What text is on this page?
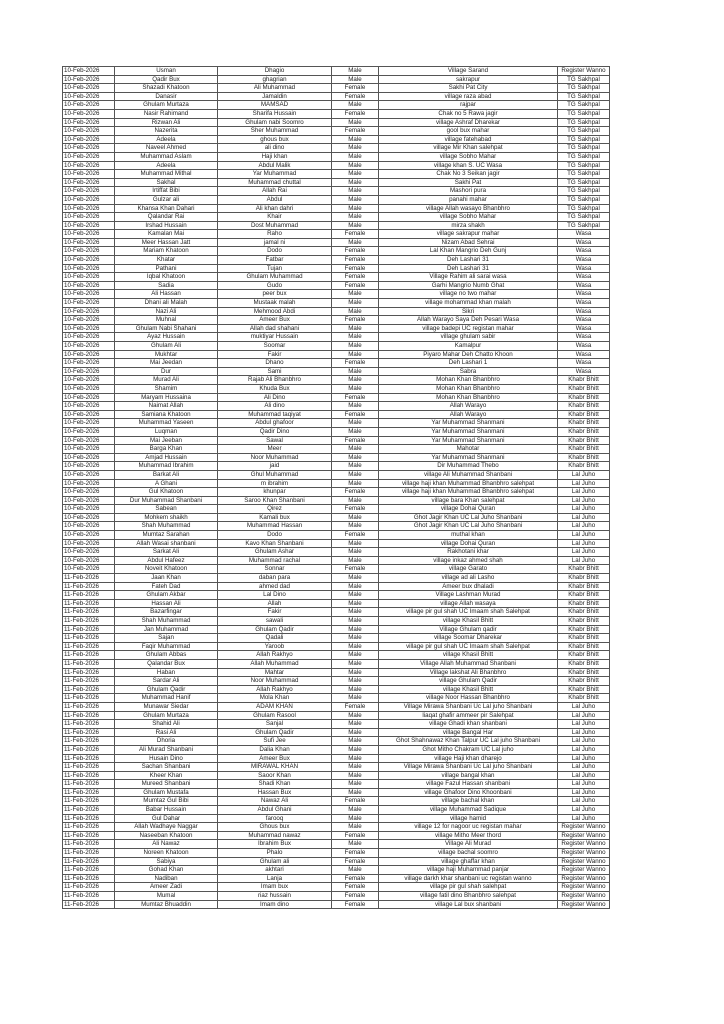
10-Feb-2026	Usman	Dhagio	Male	Village Sarand	Register Wanno
10-Feb-2026	Qadir Bux	ghagrian	Male	sakrapur	TG Sakhpal
10-Feb-2026	Shazadi Khatoon	Ali Muhammad	Female	Sakhi Pat City	TG Sakhpal
10-Feb-2026	Danasir	Jamaldin	Female	village raza abad	TG Sakhpal
10-Feb-2026	Ghulam Murtaza	MAMSAD	Male	rajpar	TG Sakhpal
10-Feb-2026	Nasir Rahimand	Sharifa Hussain	Female	Chak no 5 Rawa jagir	TG Sakhpal
10-Feb-2026	Rizwan Ali	Ghulam nabi Soomro	Male	village Ashraf Dharekar	TG Sakhpal
10-Feb-2026	Nazerita	Sher Muhammad	Female	gool bux mahar	TG Sakhpal
10-Feb-2026	Adeela	ghous bux	Male	village fatehabad	TG Sakhpal
10-Feb-2026	Naveel Ahmed	ali dino	Male	village Mir Khan salehpat	TG Sakhpal
10-Feb-2026	Muhammad Aslam	Haji khan	Male	village Sobho Mahar	TG Sakhpal
10-Feb-2026	Adeela	Abdul Malik	Male	village khan S. UC Wasa	TG Sakhpal
10-Feb-2026	Muhammad Mithal	Yar Muhammad	Male	Chak No 3 Seikan jagir	TG Sakhpal
10-Feb-2026	Sakhal	Muhammad chuttal	Male	Sakhi Pat	TG Sakhpal
10-Feb-2026	Irtiffat Bibi	Allah Rai	Male	Mashori pura	TG Sakhpal
10-Feb-2026	Gulzar ali	Abdul	Male	panahi mahar	TG Sakhpal
10-Feb-2026	Khansa Khan Dahari	Ali khan dahri	Male	village Allah wasayo Bhanbhro	TG Sakhpal
10-Feb-2026	Qalandar Rai	Khair	Male	village Sobho Mahar	TG Sakhpal
10-Feb-2026	Irshad Hussain	Dost Muhammad	Male	mirza shakh	TG Sakhpal
10-Feb-2026	Kamalan Mai	Raho	Female	village sakrapur mahar	Wasa
10-Feb-2026	Meer Hassan Jatt	jamal ni	Male	Nizam Abad Sehrai	Wasa
10-Feb-2026	Mariam Khatoon	Dodo	Female	Lal Khan Mangrio Deh Gunj	Wasa
10-Feb-2026	Khatar	Fatbar	Female	Deh Lashari 31	Wasa
10-Feb-2026	Pathani	Tujan	Female	Deh Lashari 31	Wasa
10-Feb-2026	Iqbal Khatoon	Ghulam Muhammad	Female	Village Rahim ali sarai wasa	Wasa
10-Feb-2026	Sadia	Gudo	Female	Garhi Mangrio Numb Ghat	Wasa
10-Feb-2026	Ali Hassan	peer bux	Male	village no two mahar	Wasa
10-Feb-2026	Dhani ali Malah	Mustaak malah	Male	village mohammad khan malah	Wasa
10-Feb-2026	Nazi Ali	Mehmood Abdi	Male	Sikri	Wasa
10-Feb-2026	Muhnal	Ameer Bux	Female	Allah Warayo Saya Deh Pesari Wasa	Wasa
10-Feb-2026	Ghulam Nabi Shahani	Allah dad shahani	Male	village badepi UC registan mahar	Wasa
10-Feb-2026	Ayaz Hussain	muktiyar Hussain	Male	village ghulam sabir	Wasa
10-Feb-2026	Ghulam Ali	Soomar	Male	Kamalpur	Wasa
10-Feb-2026	Mukhtar	Fakir	Male	Piyaro Mahar Deh Chatto Khoon	Wasa
10-Feb-2026	Mai Jeedan	Dhano	Female	Deh Lashari 1	Wasa
10-Feb-2026	Dur	Sami	Male	Sabra	Wasa
10-Feb-2026	Murad Ali	Rajab Ali Bhanbhro	Male	Mohan Khan Bhanbhro	Khabr Bhitt
10-Feb-2026	Shamim	Khuda Bux	Male	Mohan Khan Bhanbhro	Khabr Bhitt
10-Feb-2026	Maryam Hussaina	Ali Dino	Female	Mohan Khan Bhanbhro	Khabr Bhitt
10-Feb-2026	Naimat Allah	Ali dino	Male	Allah Warayo	Khabr Bhitt
10-Feb-2026	Samiana Khatoon	Muhammad taqiyat	Female	Allah Warayo	Khabr Bhitt
10-Feb-2026	Muhammad Yaseen	Abdul ghafoor	Male	Yar Muhammad Shanmani	Khabr Bhitt
10-Feb-2026	Luqman	Qadir Dino	Male	Yar Muhammad Shanmani	Khabr Bhitt
10-Feb-2026	Mai Jeeban	Sawal	Female	Yar Muhammad Shanmani	Khabr Bhitt
10-Feb-2026	Barga Khan	Meer	Male	Mahotar	Khabr Bhitt
10-Feb-2026	Amjad Hussain	Noor Muhammad	Male	Yar Muhammad Shanmani	Khabr Bhitt
10-Feb-2026	Muhammad Ibrahim	jaid	Male	Dir Muhammad Thebo	Khabr Bhitt
10-Feb-2026	Barkat Ali	Ghul Muhammad	Male	village Ali Muhammad Shanbani	Lal Juho
10-Feb-2026	A Ghani	m ibrahim	Male	village haji khan Muhammad Bhanbhro salehpat	Lal Juho
10-Feb-2026	Gul Khatoon	khunpar	Female	village haji khan Muhammad Bhanbhro salehpat	Lal Juho
10-Feb-2026	Dur Muhammad Shanbani	Saroo Khan Shanbani	Male	village bara Khan salehpat	Lal Juho
10-Feb-2026	Sabean	Qirez	Female	village Dohai Quran	Lal Juho
10-Feb-2026	Mohkem shaikh	Kamali bux	Male	Ghot Jagir Khan UC Lal Juho Shanbani	Lal Juho
10-Feb-2026	Shah Muhammad	Muhammad Hassan	Male	Ghot Jagir Khan UC Lal Juho Shanbani	Lal Juho
10-Feb-2026	Mumtaz Sarahan	Dodo	Female	muthal khan	Lal Juho
10-Feb-2026	Allah Wasai shanbani	Kavo Khan Shanbani	Male	village Dohai Quran	Lal Juho
10-Feb-2026	Sarkat Ali	Ghulam Ashar	Male	Rakhotani khar	Lal Juho
10-Feb-2026	Abdul Hafeez	Muhammad rachal	Male	village inkaz ahmed shah	Lal Juho
10-Feb-2026	Noveit Khatoon	Sonnar	Female	village Garato	Khabr Bhitt
11-Feb-2026	Jaan Khan	daban para	Male	village ad ali Lasho	Khabr Bhitt
11-Feb-2026	Fateh Dad	ahmed dad	Male	Ameer bux dhaladi	Khabr Bhitt
11-Feb-2026	Ghulam Akbar	Lal Dino	Male	Village Lashman Murad	Khabr Bhitt
11-Feb-2026	Hassan Ali	Allah	Male	village Allah wasaya	Khabr Bhitt
11-Feb-2026	Bazarfingar	Fakir	Male	village pir gul shah UC Imaam shah Salehpat	Khabr Bhitt
11-Feb-2026	Shah Muhammad	sawali	Male	village Khasil Bhitt	Khabr Bhitt
11-Feb-2026	Jan Muhammad	Ghulam Qadir	Male	Village Ghulam qadir	Khabr Bhitt
11-Feb-2026	Sajan	Qadali	Male	village Soomar Dharekar	Khabr Bhitt
11-Feb-2026	Faqir Muhammad	Yaroob	Male	village pir gul shah UC Imaam shah Salehpat	Khabr Bhitt
11-Feb-2026	Ghulam Abbas	Allah Rakhyo	Male	village Khasil Bhitt	Khabr Bhitt
11-Feb-2026	Qalandar Bux	Allah Muhammad	Male	Village Allah Muhammad Shanbani	Khabr Bhitt
11-Feb-2026	Haban	Mahtar	Male	Village lakshat Ali Bhanbhro	Khabr Bhitt
11-Feb-2026	Sardar Ali	Noor Muhammad	Male	village Ghulam Qadir	Khabr Bhitt
11-Feb-2026	Ghulam Qadir	Allah Rakhyo	Male	village Khasil Bhitt	Khabr Bhitt
11-Feb-2026	Muhammad Hanif	Mola Khan	Male	village Noor Hassan Bhanbhro	Khabr Bhitt
11-Feb-2026	Munawar Siedar	ADAM KHAN	Female	Village Mirawa Shanbani Uc Lal juho Shanbani	Lal Juho
11-Feb-2026	Ghulam Murtaza	Ghulam Rasool	Male	liaqat ghafir ammeer pir Salehpat	Lal Juho
11-Feb-2026	Shahid Ali	Sanjal	Male	village Ghadi khan shanbani	Lal Juho
11-Feb-2026	Rasi Ali	Ghulam Qadir	Male	village Bangal Har	Lal Juho
11-Feb-2026	Dhoria	Sufi Jee	Male	Ghot Shahnawaz Khan Talpur UC Lal juho Shanbani	Lal Juho
11-Feb-2026	Ali Murad Shanbani	Dalia Khan	Male	Ghot Mitho Chakram UC Lal juho	Lal Juho
11-Feb-2026	Husain Dino	Ameer Bux	Male	village Haji khan dharejo	Lal Juho
11-Feb-2026	Sachan Shanbani	MIRAWAL KHAN	Male	Village Mirawa Shanbani Uc Lal juho Shanbani	Lal Juho
11-Feb-2026	Kheer Khan	Saoor Khan	Male	village bangal khan	Lal Juho
11-Feb-2026	Mureed Shanbani	Shadi Khan	Male	village Fazul Hassan shanbani	Lal Juho
11-Feb-2026	Ghulam Mustafa	Hassan Bux	Male	village Ghafoor Dino Khoonbani	Lal Juho
11-Feb-2026	Mumtaz Gul Bibi	Nawaz Ali	Female	village bachal khan	Lal Juho
11-Feb-2026	Babar Hussain	Abdul Ghani	Male	village Muhammad Sadique	Lal Juho
11-Feb-2026	Gul Dahar	farooq	Male	village hamid	Lal Juho
11-Feb-2026	Allah Wadhaye Naggar	Ghous bux	Male	village 12 for nagoor uc registan mahar	Register Wanno
11-Feb-2026	Naseeban Khatoon	Muhammad nawaz	Female	village Mitho Meer thord	Register Wanno
11-Feb-2026	Ali Nawaz	Ibrahim Bux	Male	Village Ali Murad	Register Wanno
11-Feb-2026	Noreen Khatoon	Phalo	Female	village bachal soomro	Register Wanno
11-Feb-2026	Sabiya	Ghulam ali	Female	village ghaffar khan	Register Wanno
11-Feb-2026	Gohad Khan	akhtari	Male	village haji Muhammad panjar	Register Wanno
11-Feb-2026	Nadiban	Lanja	Female	village darkh khar shanbani uc registan wanno	Register Wanno
11-Feb-2026	Ameer Zadi	Imam bux	Female	village pir gul shah salehpat	Register Wanno
11-Feb-2026	Mumal	riaz hussain	Female	village fatil dino Bhanbhro salehpat	Register Wanno
11-Feb-2026	Mumtaz Bhuaddin	Imam dino	Female	village Lal bux shanbani	Register Wanno
